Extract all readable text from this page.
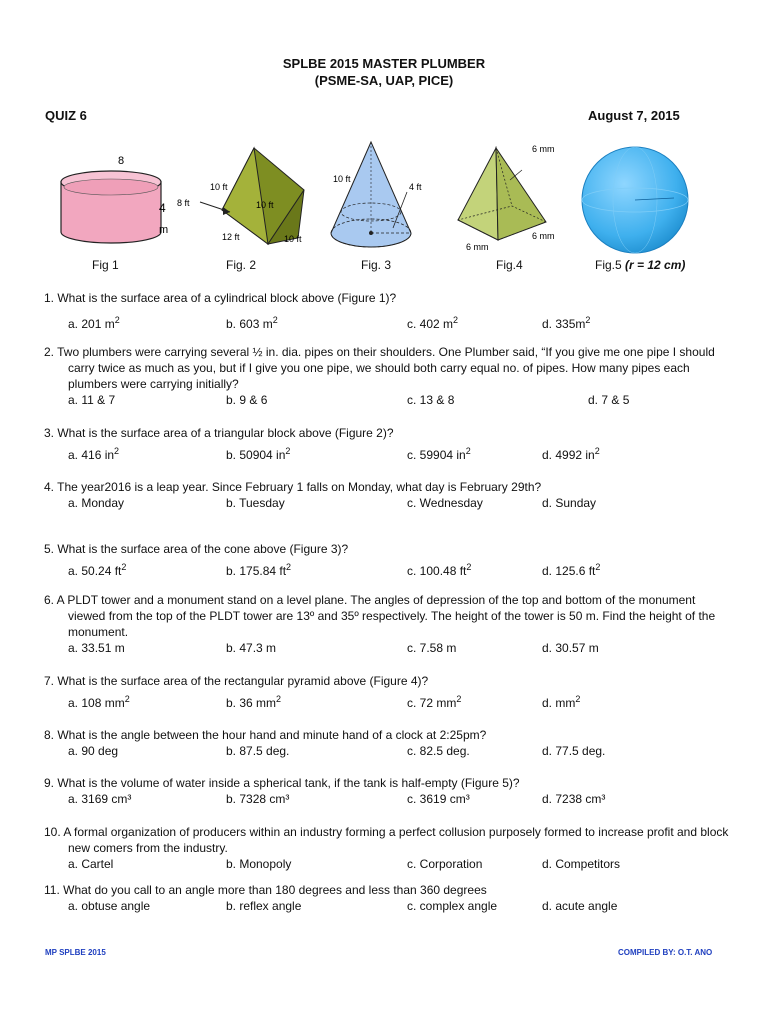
SPLBE 2015 MASTER PLUMBER
(PSME-SA, UAP, PICE)
QUIZ 6	August 7, 2015
8
4
m
Fig 1
10 ft
8 ft	10 ft
12 ft	10 ft
Fig. 2
10 ft
4 ft
Fig. 3
6 mm
6 mm
6 mm
Fig.4	Fig.5 (r = 12 cm)
1. What is the surface area of a cylindrical block above (Figure 1)?
a. 201 $m^2$	b. 603 $m^2$	c. 402 $m^2$	d. $335m^2$
2. Two plumbers were carrying several ½ in. dia. pipes on their shoulders. One Plumber said, “If you give me one pipe I should carry twice as much as you, but if I give you one pipe, we should both carry equal no. of pipes. How many pipes each plumbers were carrying initially?
a. 11 & 7	b. 9 & 6	c. 13 & 8	d. 7 & 5
3. What is the surface area of a triangular block above (Figure 2)?
a. 416 $in^2$	b. 50904 $in^2$	c. 59904 $in^2$	d. 4992 $in^2$
4. The year2016 is a leap year. Since February 1 falls on Monday, what day is February 29th?
a. Monday	b. Tuesday	c. Wednesday	d. Sunday
5. What is the surface area of the cone above (Figure 3)?
a. 50.24 $ft^2$	b. 175.84 $ft^2$	c. 100.48 $ft^2$	d. 125.6 $ft^2$
6. A PLDT tower and a monument stand on a level plane. The angles of depression of the top and bottom of the monument viewed from the top of the PLDT tower are 13º and 35º respectively. The height of the tower is 50 m. Find the height of the monument.
a. 33.51 m	b. 47.3 m	c. 7.58 m	d. 30.57 m
7. What is the surface area of the rectangular pyramid above (Figure 4)?
a. 108 $mm^2$	b. 36 $mm^2$	c. 72 $mm^2$	d. $mm^2$
8. What is the angle between the hour hand and minute hand of a clock at 2:25pm?
a. 90 deg	b. 87.5 deg.	c. 82.5 deg.	d. 77.5 deg.
9. What is the volume of water inside a spherical tank, if the tank is half-empty (Figure 5)?
a. 3169 cm³	b. 7328 cm³	c. 3619 cm³	d. 7238 cm³
10. A formal organization of producers within an industry forming a perfect collusion purposely formed to increase profit and block new comers from the industry.
a. Cartel	b. Monopoly	c. Corporation	d. Competitors
11. What do you call to an angle more than 180 degrees and less than 360 degrees
a. obtuse angle	b. reflex angle	c. complex angle	d. acute angle
MP SPLBE 2015	COMPILED BY: O.T. ANO
